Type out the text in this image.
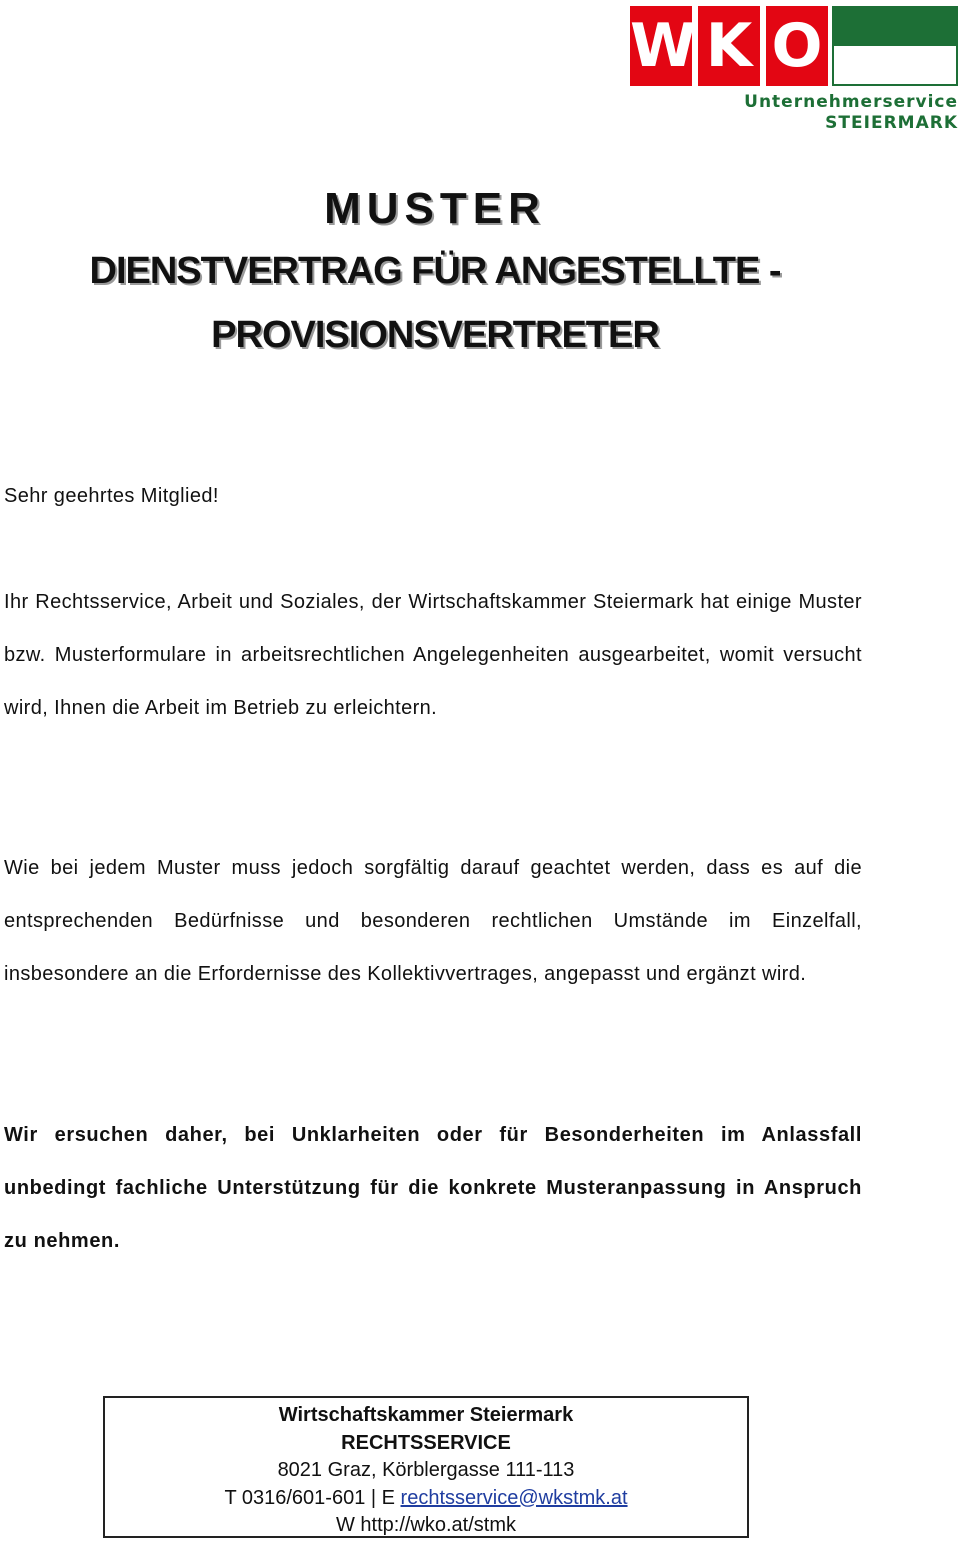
W K O
Unternehmerservice
STEIERMARK
MUSTER
DIENSTVERTRAG FÜR ANGESTELLTE -
PROVISIONSVERTRETER

Sehr geehrtes Mitglied!

Ihr Rechtsservice, Arbeit und Soziales, der Wirtschaftskammer Steiermark hat einige Muster bzw. Musterformulare in arbeitsrechtlichen Angelegenheiten ausgearbeitet, womit versucht wird, Ihnen die Arbeit im Betrieb zu erleichtern.

Wie bei jedem Muster muss jedoch sorgfältig darauf geachtet werden, dass es auf die entsprechenden Bedürfnisse und besonderen rechtlichen Umstände im Einzelfall, insbesondere an die Erfordernisse des Kollektivvertrages, angepasst und ergänzt wird.

Wir ersuchen daher, bei Unklarheiten oder für Besonderheiten im Anlassfall unbedingt fachliche Unterstützung für die konkrete Musteranpassung in Anspruch zu nehmen.

Wirtschaftskammer Steiermark
RECHTSSERVICE
8021 Graz, Körblergasse 111-113
T 0316/601-601 | E rechtsservice@wkstmk.at
W http://wko.at/stmk
